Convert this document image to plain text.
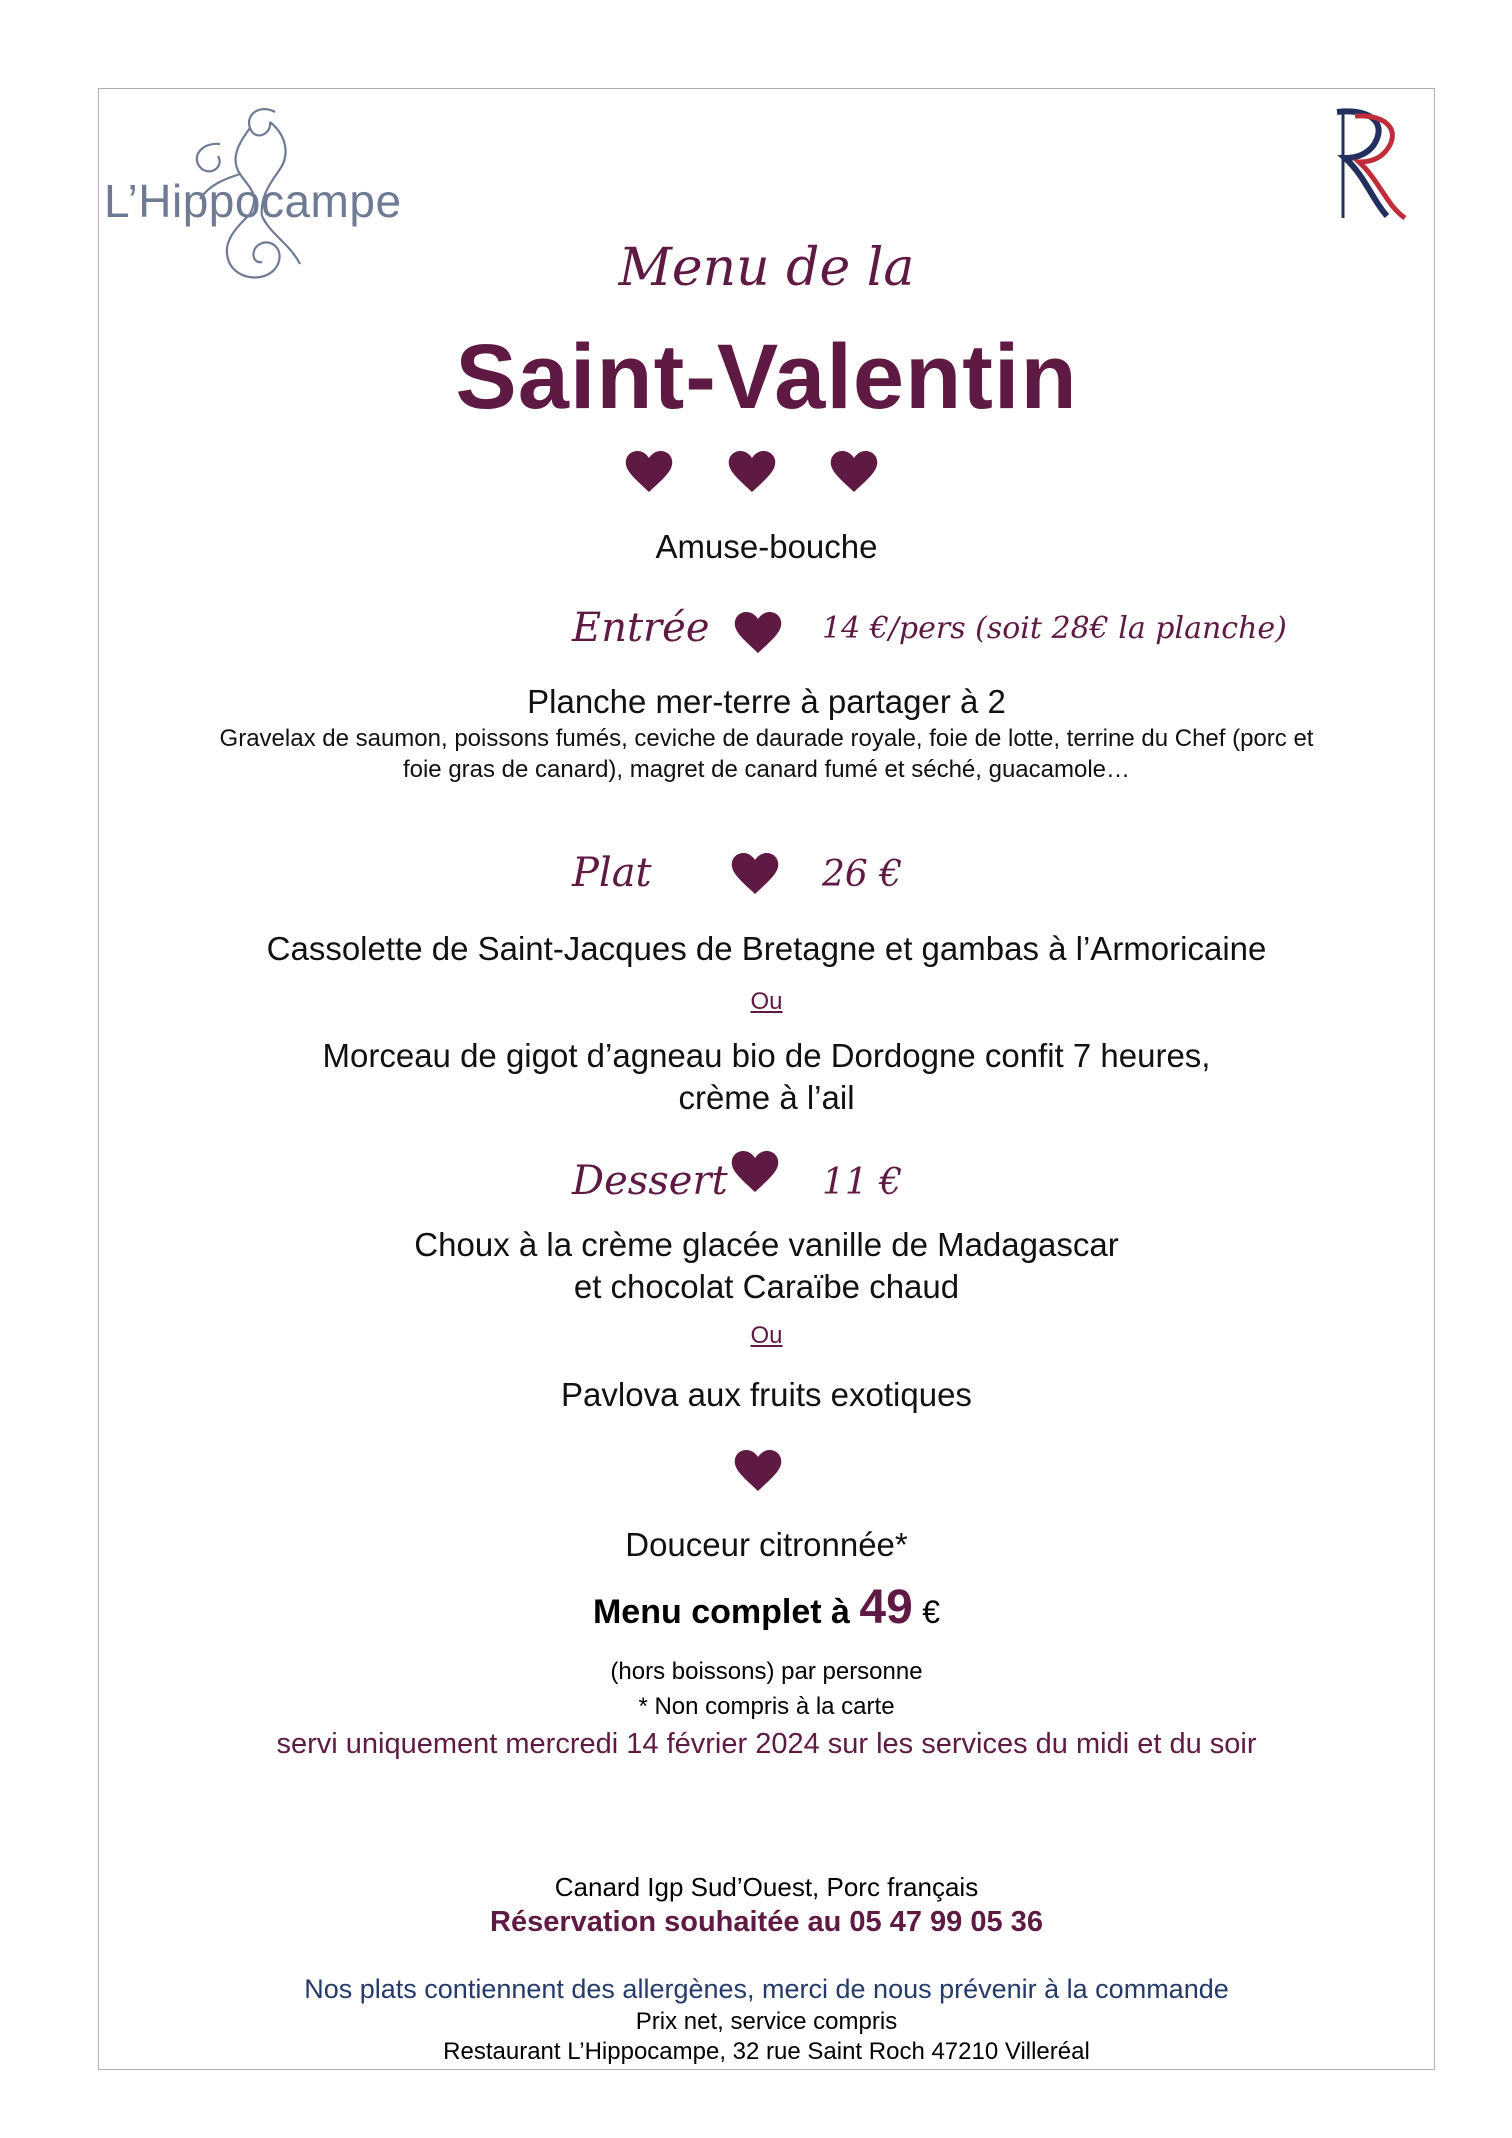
L’Hippocampe
Menu de la
Saint-Valentin
Amuse-bouche
Entrée	14 €/pers (soit 28€ la planche)
Planche mer-terre à partager à 2
Gravelax de saumon, poissons fumés, ceviche de daurade royale, foie de lotte, terrine du Chef (porc et
foie gras de canard), magret de canard fumé et séché, guacamole…
Plat	26 €
Cassolette de Saint-Jacques de Bretagne et gambas à l’Armoricaine
Ou
Morceau de gigot d’agneau bio de Dordogne confit 7 heures,
crème à l’ail
Dessert	11 €
Choux à la crème glacée vanille de Madagascar
et chocolat Caraïbe chaud
Ou
Pavlova aux fruits exotiques
Douceur citronnée*
Menu complet à 49 €
(hors boissons) par personne
* Non compris à la carte
servi uniquement mercredi 14 février 2024 sur les services du midi et du soir
Canard Igp Sud’Ouest, Porc français
Réservation souhaitée au 05 47 99 05 36
Nos plats contiennent des allergènes, merci de nous prévenir à la commande
Prix net, service compris
Restaurant L’Hippocampe, 32 rue Saint Roch 47210 Villeréal
